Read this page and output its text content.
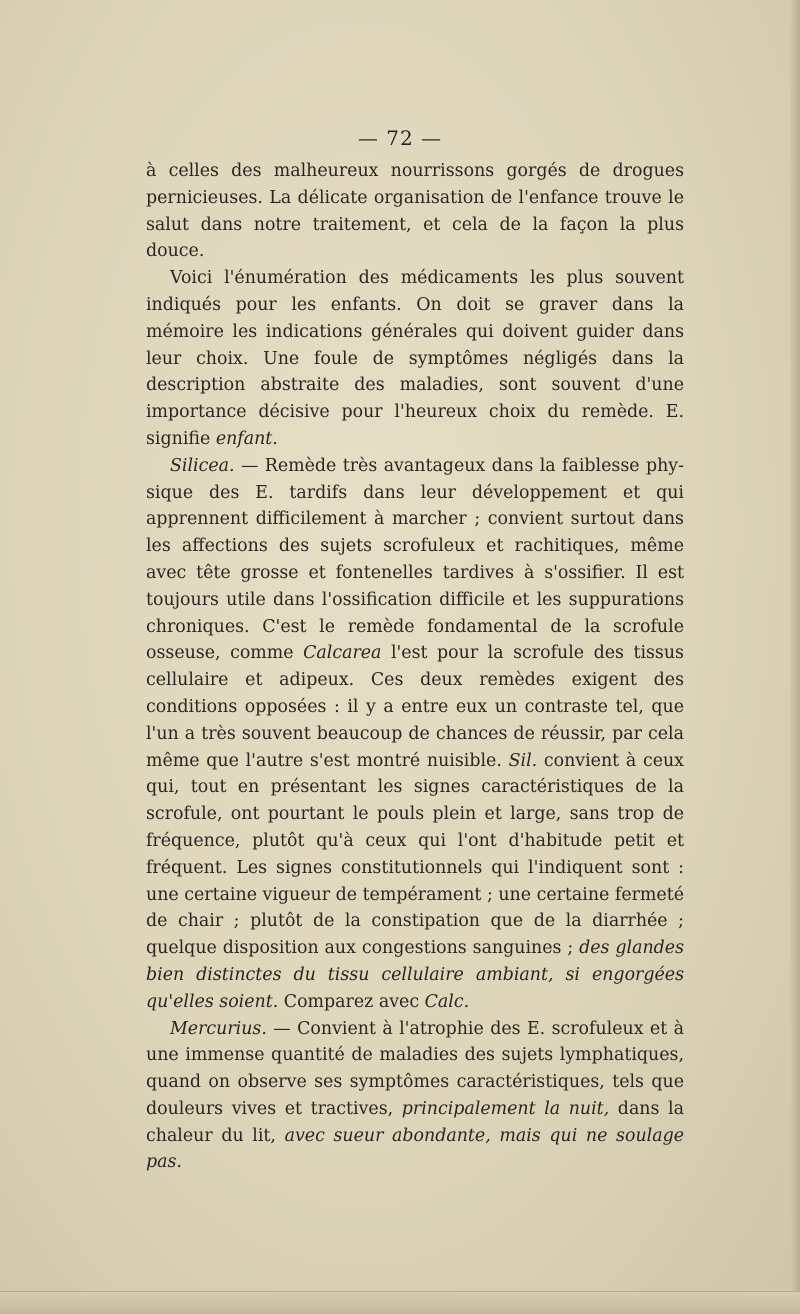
— 72 —

à celles des malheureux nourrissons gorgés de drogues pernicieuses. La délicate organisation de l'enfance trouve le salut dans notre traitement, et cela de la façon la plus douce.

Voici l'énumération des médicaments les plus souvent indiqués pour les enfants. On doit se graver dans la mémoire les indications générales qui doivent guider dans leur choix. Une foule de symptômes négligés dans la description abstraite des maladies, sont souvent d'une importance décisive pour l'heureux choix du remède. E. signifie enfant.

Silicea. — Remède très avantageux dans la faiblesse physique des E. tardifs dans leur développement et qui apprennent difficilement à marcher ; convient surtout dans les affections des sujets scrofuleux et rachitiques, même avec tête grosse et fontenelles tardives à s'ossifier. Il est toujours utile dans l'ossification difficile et les suppurations chroniques. C'est le remède fondamental de la scrofule osseuse, comme Calcarea l'est pour la scrofule des tissus cellulaire et adipeux. Ces deux remèdes exigent des conditions opposées : il y a entre eux un contraste tel, que l'un a très souvent beaucoup de chances de réussir, par cela même que l'autre s'est montré nuisible. Sil. convient à ceux qui, tout en présentant les signes caractéristiques de la scrofule, ont pourtant le pouls plein et large, sans trop de fréquence, plutôt qu'à ceux qui l'ont d'habitude petit et fréquent. Les signes constitutionnels qui l'indiquent sont : une certaine vigueur de tempérament ; une certaine fermeté de chair ; plutôt de la constipation que de la diarrhée ; quelque disposition aux congestions sanguines ; des glandes bien distinctes du tissu cellulaire ambiant, si engorgées qu'elles soient. Comparez avec Calc.

Mercurius. — Convient à l'atrophie des E. scrofuleux et à une immense quantité de maladies des sujets lymphatiques, quand on observe ses symptômes caractéristiques, tels que douleurs vives et tractives, principalement la nuit, dans la chaleur du lit, avec sueur abondante, mais qui ne soulage pas.
